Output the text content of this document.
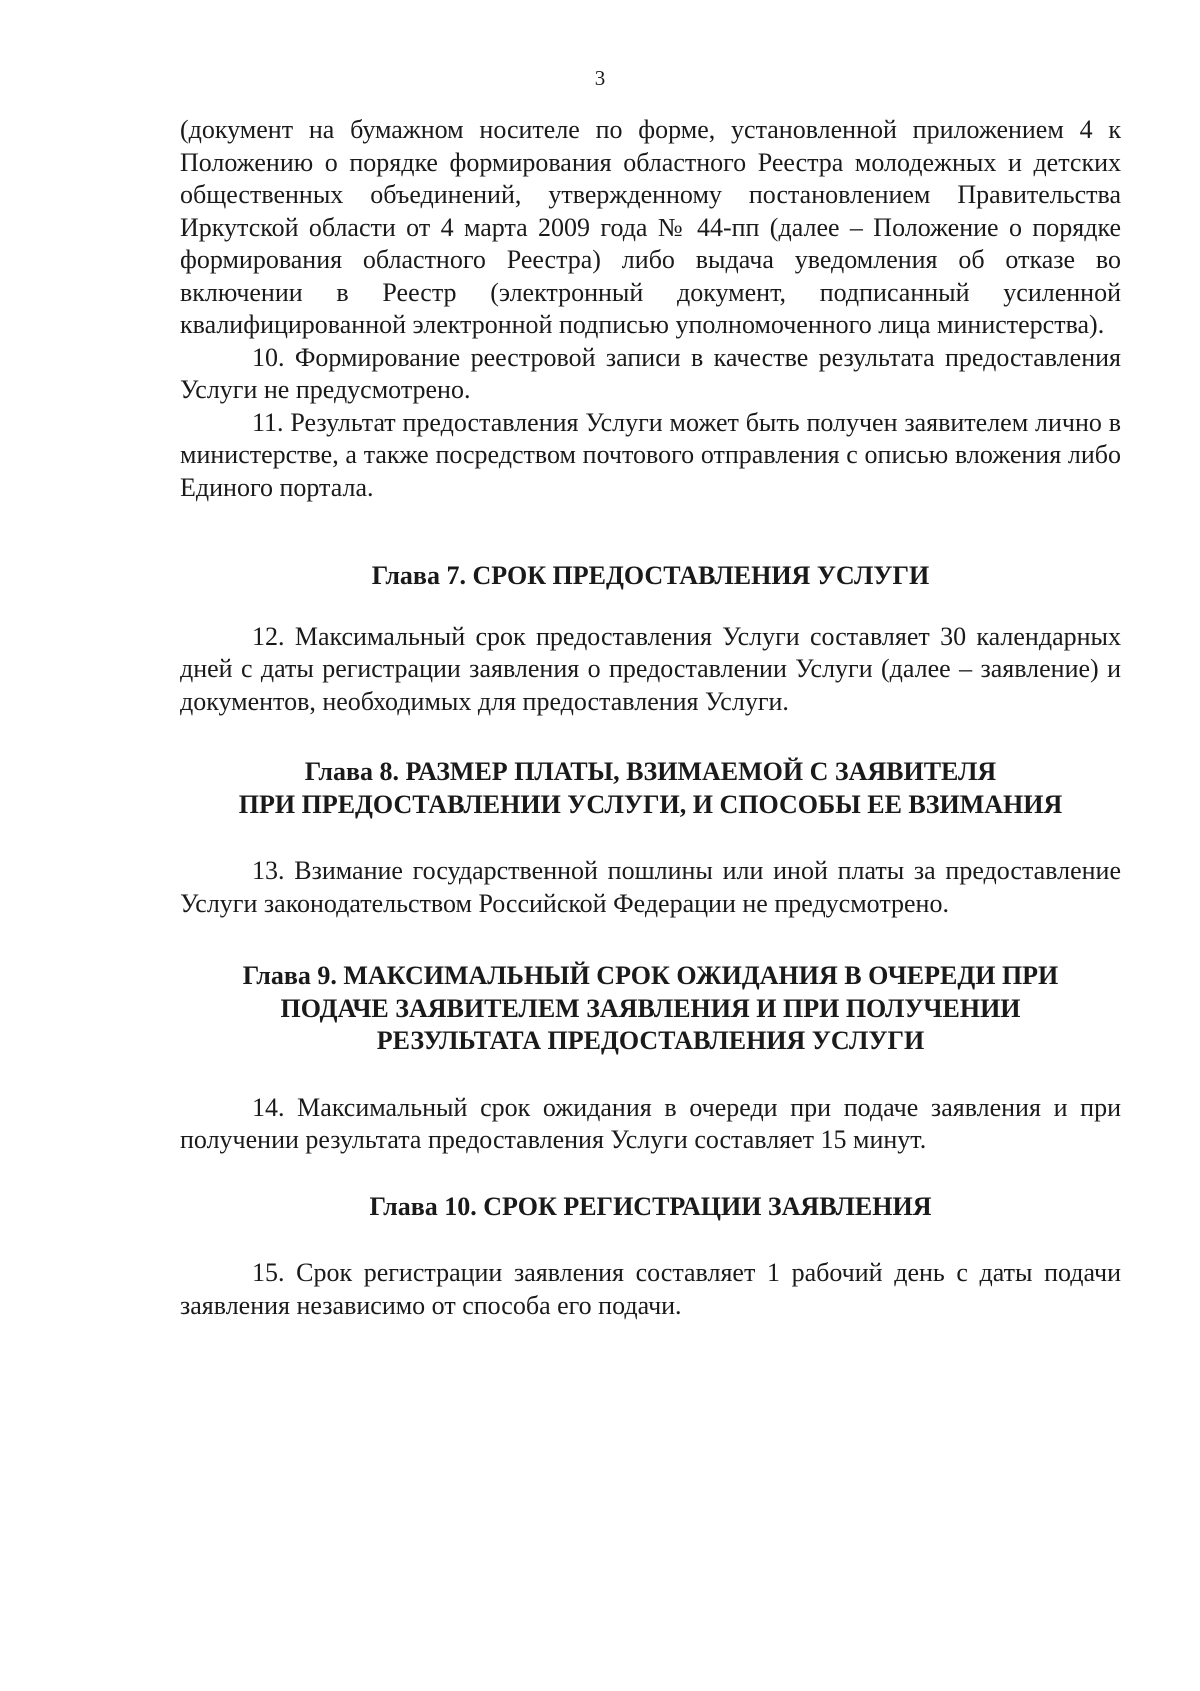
3

(документ на бумажном носителе по форме, установленной приложением 4 к Положению о порядке формирования областного Реестра молодежных и детских общественных объединений, утвержденному постановлением Правительства Иркутской области от 4 марта 2009 года № 44-пп (далее – Положение о порядке формирования областного Реестра) либо выдача уведомления об отказе во включении в Реестр (электронный документ, подписанный усиленной квалифицированной электронной подписью уполномоченного лица министерства).

10. Формирование реестровой записи в качестве результата предоставления Услуги не предусмотрено.

11. Результат предоставления Услуги может быть получен заявителем лично в министерстве, а также посредством почтового отправления с описью вложения либо Единого портала.

Глава 7. СРОК ПРЕДОСТАВЛЕНИЯ УСЛУГИ

12. Максимальный срок предоставления Услуги составляет 30 календарных дней с даты регистрации заявления о предоставлении Услуги (далее – заявление) и документов, необходимых для предоставления Услуги.

Глава 8. РАЗМЕР ПЛАТЫ, ВЗИМАЕМОЙ С ЗАЯВИТЕЛЯ
ПРИ ПРЕДОСТАВЛЕНИИ УСЛУГИ, И СПОСОБЫ ЕЕ ВЗИМАНИЯ

13. Взимание государственной пошлины или иной платы за предоставление Услуги законодательством Российской Федерации не предусмотрено.

Глава 9. МАКСИМАЛЬНЫЙ СРОК ОЖИДАНИЯ В ОЧЕРЕДИ ПРИ
ПОДАЧЕ ЗАЯВИТЕЛЕМ ЗАЯВЛЕНИЯ И ПРИ ПОЛУЧЕНИИ
РЕЗУЛЬТАТА ПРЕДОСТАВЛЕНИЯ УСЛУГИ

14. Максимальный срок ожидания в очереди при подаче заявления и при получении результата предоставления Услуги составляет 15 минут.

Глава 10. СРОК РЕГИСТРАЦИИ ЗАЯВЛЕНИЯ

15. Срок регистрации заявления составляет 1 рабочий день с даты подачи заявления независимо от способа его подачи.
